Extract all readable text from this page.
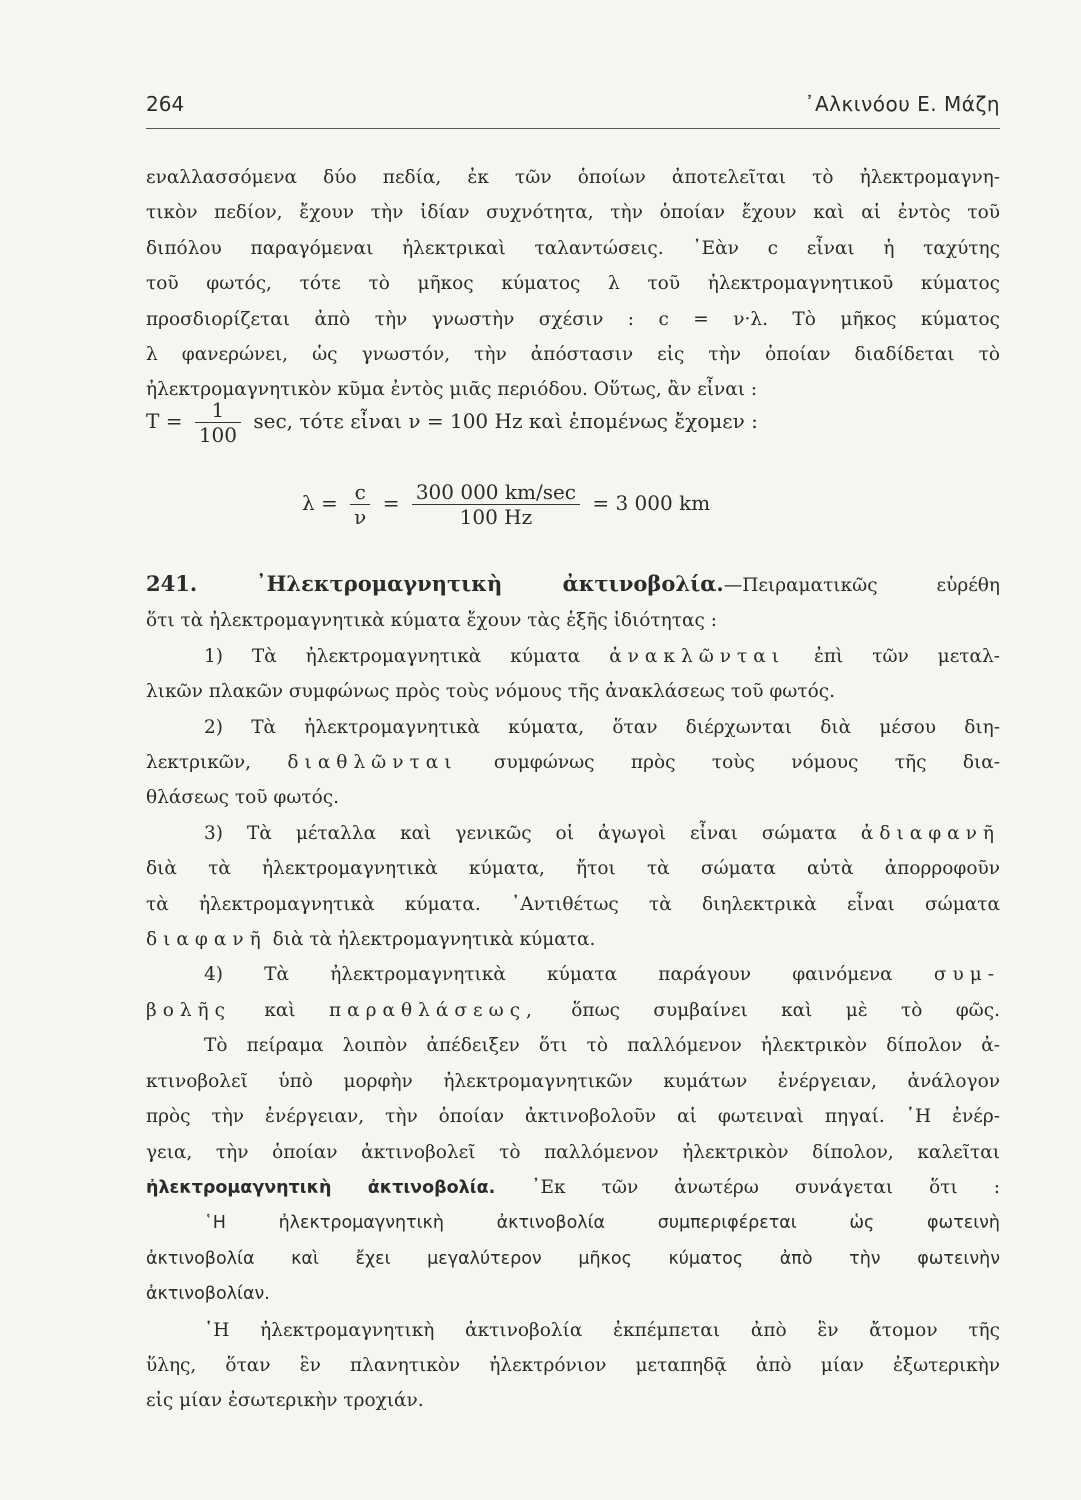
264	᾿Αλκινόου Ε. Μάζη
εναλλασσόμενα δύο πεδία, ἐκ τῶν ὁποίων ἀποτελεῖται τὸ ἠλεκτρομαγνη-
τικὸν πεδίον, ἔχουν τὴν ἰδίαν συχνότητα, τὴν ὁποίαν ἔχουν καὶ αἱ ἐντὸς τοῦ
διπόλου παραγόμεναι ἠλεκτρικαὶ ταλαντώσεις. ᾿Εὰν c εἶναι ἡ ταχύτης
τοῦ φωτός, τότε τὸ μῆκος κύματος λ τοῦ ἠλεκτρομαγνητικοῦ κύματος
προσδιορίζεται ἀπὸ τὴν γνωστὴν σχέσιν : c = ν·λ. Τὸ μῆκος κύματος
λ φανερώνει, ὡς γνωστόν, τὴν ἀπόστασιν εἰς τὴν ὁποίαν διαδίδεται τὸ
ἠλεκτρομαγνητικὸν κῦμα ἐντὸς μιᾶς περιόδου. Οὕτως, ἂν εἶναι :
$T = \frac{1}{100} \sec$, τότε εἶναι ν = 100 Hz καὶ ἑπομένως ἔχομεν :
$\lambda = \frac{c}{\nu} = \frac{300 000 km/\sec}{100 Hz} = 3$ 000 km
241.	᾿Ηλεκτρομαγνητικὴ ἀκτινοβολία.—Πειραματικῶς εὑρέθη
ὅτι τὰ ἠλεκτρομαγνητικὰ κύματα ἔχουν τὰς ἑξῆς ἰδιότητας :
1) Τὰ ἠλεκτρομαγνητικὰ κύματα ἀνακλῶνται ἐπὶ τῶν μεταλ-
λικῶν πλακῶν συμφώνως πρὸς τοὺς νόμους τῆς ἀνακλάσεως τοῦ φωτός.
2) Τὰ ἠλεκτρομαγνητικὰ κύματα, ὅταν διέρχωνται διὰ μέσου διη-
λεκτρικῶν, διαθλῶνται συμφώνως πρὸς τοὺς νόμους τῆς δια-
θλάσεως τοῦ φωτός.
3) Τὰ μέταλλα καὶ γενικῶς οἱ ἀγωγοὶ εἶναι σώματα ἀδιαφανῆ
διὰ τὰ ἠλεκτρομαγνητικὰ κύματα, ἤτοι τὰ σώματα αὐτὰ ἀπορροφοῦν
τὰ ἠλεκτρομαγνητικὰ κύματα. ᾿Αντιθέτως τὰ διηλεκτρικὰ εἶναι σώματα
διαφανῆ διὰ τὰ ἠλεκτρομαγνητικὰ κύματα.
4) Τὰ ἠλεκτρομαγνητικὰ κύματα παράγουν φαινόμενα συμ-
βολῆς καὶ παραθλάσεως, ὅπως συμβαίνει καὶ μὲ τὸ φῶς.
Τὸ πείραμα λοιπὸν ἀπέδειξεν ὅτι τὸ παλλόμενον ἠλεκτρικὸν δίπολον ἀ-
κτινοβολεῖ ὑπὸ μορφὴν ἠλεκτρομαγνητικῶν κυμάτων ἐνέργειαν, ἀνάλογον
πρὸς τὴν ἐνέργειαν, τὴν ὁποίαν ἀκτινοβολοῦν αἱ φωτειναὶ πηγαί. ῾Η ἐνέρ-
γεια, τὴν ὁποίαν ἀκτινοβολεῖ τὸ παλλόμενον ἠλεκτρικὸν δίπολον, καλεῖται
ἠλεκτρομαγνητικὴ ἀκτινοβολία. ᾿Εκ τῶν ἀνωτέρω συνάγεται ὅτι :
῾Η ἠλεκτρομαγνητικὴ ἀκτινοβολία συμπεριφέρεται ὡς φωτεινὴ
ἀκτινοβολία καὶ ἔχει μεγαλύτερον μῆκος κύματος ἀπὸ τὴν φωτεινὴν
ἀκτινοβολίαν.
῾Η ἠλεκτρομαγνητικὴ ἀκτινοβολία ἐκπέμπεται ἀπὸ ἓν ἄτομον τῆς
ὕλης, ὅταν ἓν πλανητικὸν ἠλεκτρόνιον μεταπηδᾷ ἀπὸ μίαν ἐξωτερικὴν
εἰς μίαν ἐσωτερικὴν τροχιάν.
